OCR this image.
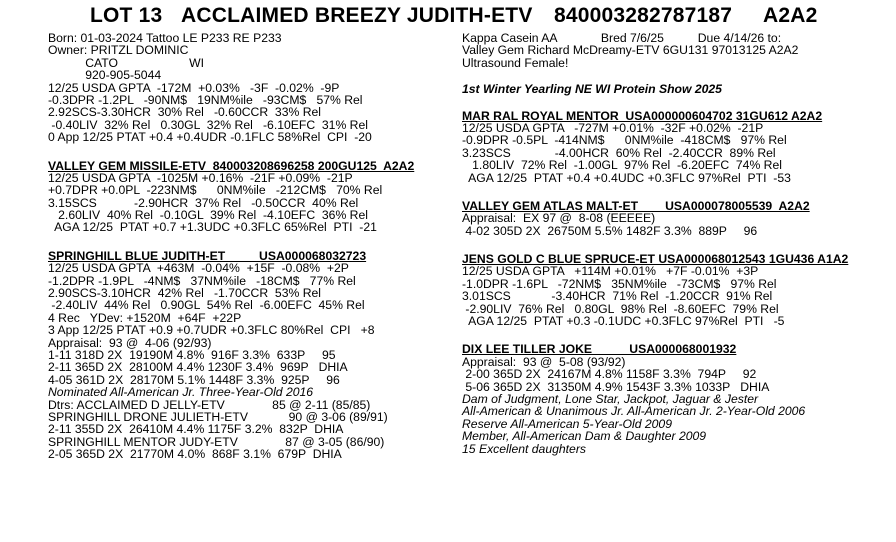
LOT 13 ACCLAIMED BREEZY JUDITH-ETV 840003282787187 A2A2
Born: 01-03-2024 Tattoo LE P233 RE P233
Owner: PRITZL DOMINIC
CATO                     WI
920-905-5044
12/25 USDA GPTA  -172M  +0.03%   -3F  -0.02%  -9P
-0.3DPR -1.2PL   -90NM$   19NM%ile   -93CM$   57% Rel
2.92SCS-3.30HCR  30% Rel   -0.60CCR  33% Rel
-0.40LIV  32% Rel   0.30GL  32% Rel   -6.10EFC  31% Rel
0 App 12/25 PTAT +0.4 +0.4UDR -0.1FLC 58%Rel  CPI  -20
VALLEY GEM MISSILE-ETV  840003208696258 200GU125  A2A2
12/25 USDA GPTA  -1025M +0.16%  -21F +0.09%  -21P
+0.7DPR +0.0PL  -223NM$      0NM%ile   -212CM$   70% Rel
3.15SCS           -2.90HCR  37% Rel   -0.50CCR  40% Rel
2.60LIV  40% Rel  -0.10GL  39% Rel  -4.10EFC  36% Rel
AGA 12/25  PTAT +0.7 +1.3UDC +0.3FLC 65%Rel  PTI  -21
SPRINGHILL BLUE JUDITH-ET          USA000068032723
12/25 USDA GPTA  +463M  -0.04%  +15F  -0.08%  +2P
-1.2DPR -1.9PL   -4NM$   37NM%ile   -18CM$   77% Rel
2.90SCS-3.10HCR  42% Rel   -1.70CCR  53% Rel
-2.40LIV  44% Rel   0.90GL  54% Rel  -6.00EFC  45% Rel
4 Rec   YDev: +1520M  +64F  +22P
3 App 12/25 PTAT +0.9 +0.7UDR +0.3FLC 80%Rel  CPI   +8
Appraisal:  93 @  4-06 (92/93)
1-11 318D 2X  19190M 4.8%  916F 3.3%  633P     95
2-11 365D 2X  28100M 4.4% 1230F 3.4%  969P   DHIA
4-05 361D 2X  28170M 5.1% 1448F 3.3%  925P     96
Nominated All-American Jr. Three-Year-Old 2016
Dtrs: ACCLAIMED D JELLY-ETV              85 @ 2-11 (85/85)
SPRINGHILL DRONE JULIETH-ETV            90 @ 3-06 (89/91)
2-11 355D 2X  26410M 4.4% 1175F 3.2%  832P  DHIA
SPRINGHILL MENTOR JUDY-ETV              87 @ 3-05 (86/90)
2-05 365D 2X  21770M 4.0%  868F 3.1%  679P  DHIA
Kappa Casein AA             Bred 7/6/25          Due 4/14/26 to:
Valley Gem Richard McDreamy-ETV 6GU131 97013125 A2A2
Ultrasound Female!
1st Winter Yearling NE WI Protein Show 2025
MAR RAL ROYAL MENTOR  USA000000604702 31GU612 A2A2
12/25 USDA GPTA   -727M +0.01%  -32F +0.02%  -21P
-0.9DPR -0.5PL  -414NM$      0NM%ile  -418CM$   97% Rel
3.23SCS             -4.00HCR  60% Rel  -2.40CCR  89% Rel
1.80LIV  72% Rel  -1.00GL  97% Rel  -6.20EFC  74% Rel
AGA 12/25  PTAT +0.4 +0.4UDC +0.3FLC 97%Rel  PTI  -53
VALLEY GEM ATLAS MALT-ET        USA000078005539  A2A2
Appraisal:  EX 97 @  8-08 (EEEEE)
4-02 305D 2X  26750M 5.5% 1482F 3.3%  889P     96
JENS GOLD C BLUE SPRUCE-ET USA000068012543 1GU436 A1A2
12/25 USDA GPTA   +114M +0.01%   +7F -0.01%  +3P
-1.0DPR -1.6PL   -72NM$   35NM%ile   -73CM$   97% Rel
3.01SCS            -3.40HCR  71% Rel  -1.20CCR  91% Rel
-2.90LIV  76% Rel   0.80GL  98% Rel  -8.60EFC  79% Rel
AGA 12/25  PTAT +0.3 -0.1UDC +0.3FLC 97%Rel  PTI   -5
DIX LEE TILLER JOKE           USA000068001932
Appraisal:  93 @  5-08 (93/92)
2-00 365D 2X  24167M 4.8% 1158F 3.3%  794P     92
5-06 365D 2X  31350M 4.9% 1543F 3.3% 1033P   DHIA
Dam of Judgment, Lone Star, Jackpot, Jaguar & Jester
All-American & Unanimous Jr. All-American Jr. 2-Year-Old 2006
Reserve All-American 5-Year-Old 2009
Member, All-American Dam & Daughter 2009
15 Excellent daughters
